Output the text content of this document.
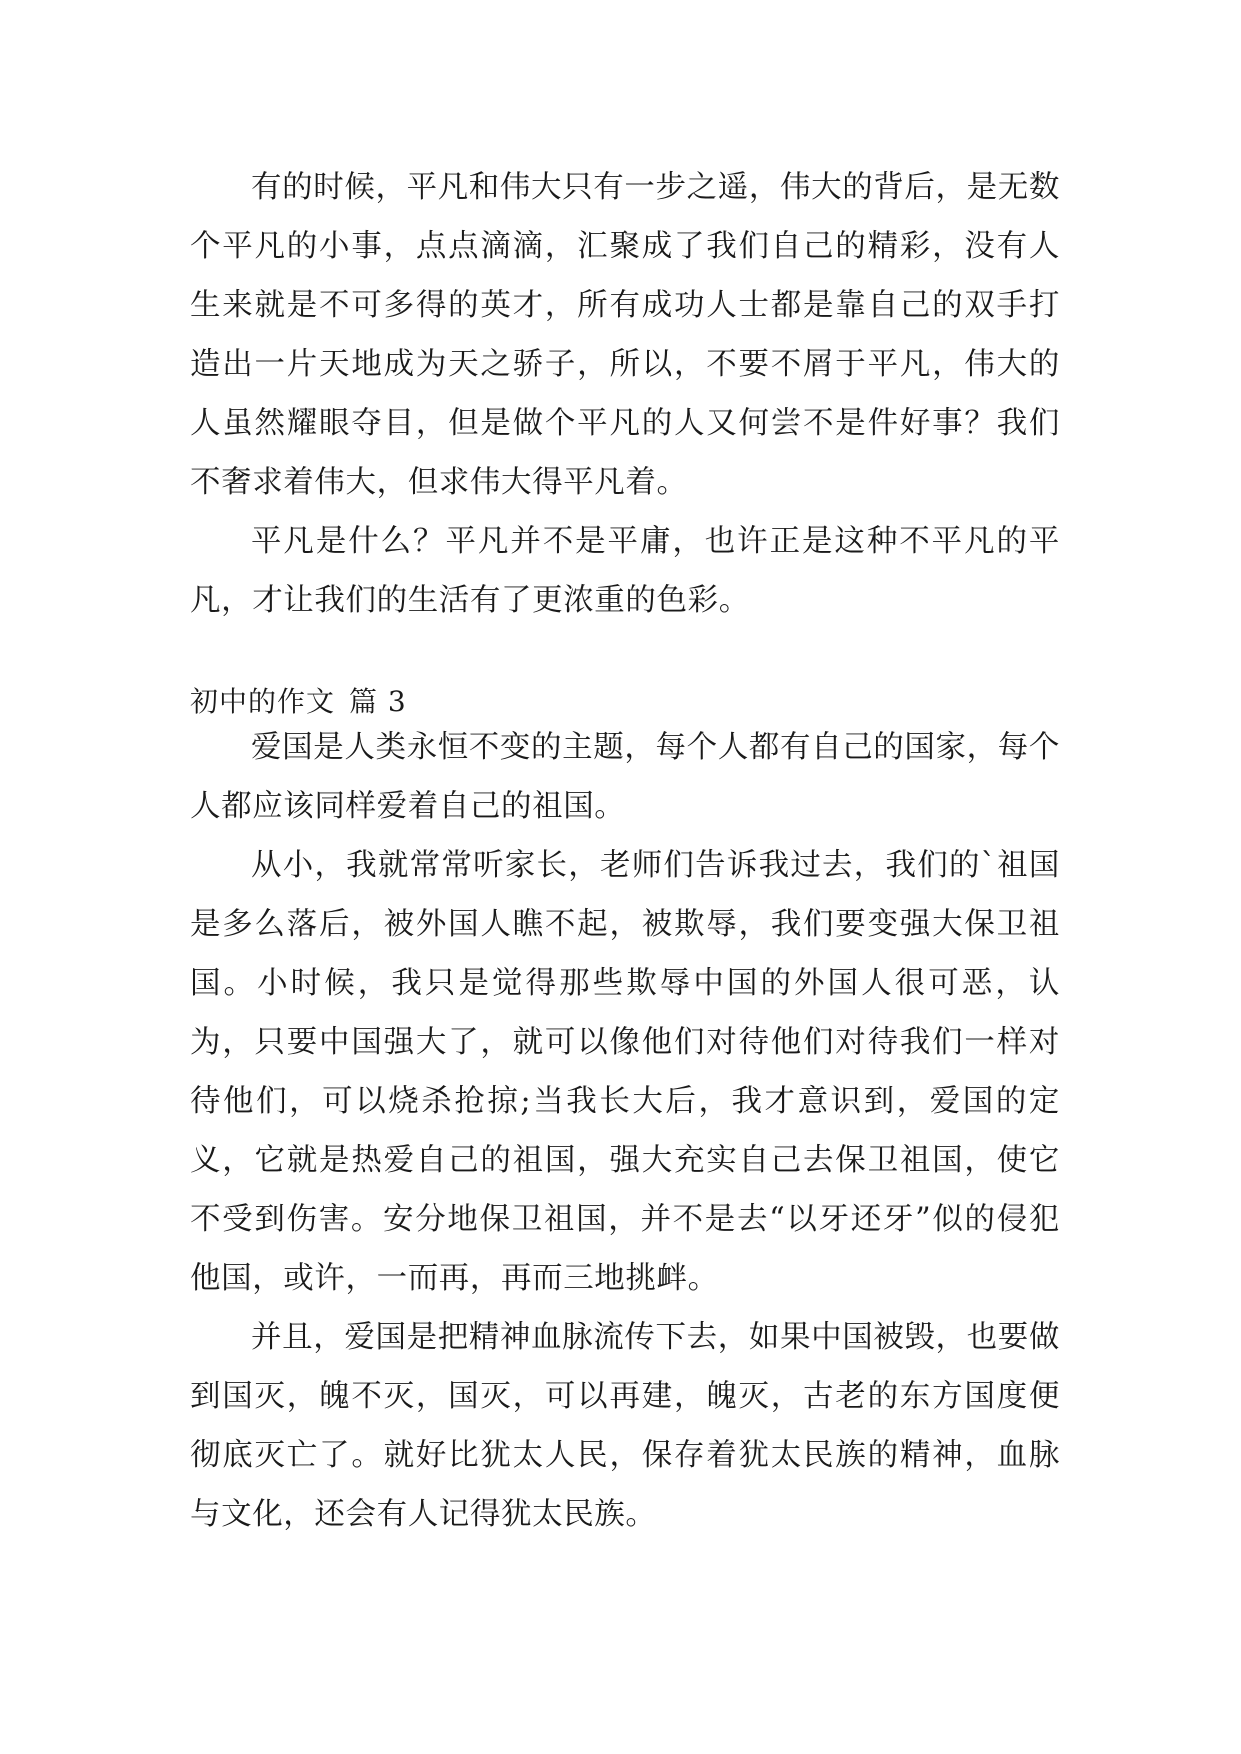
有的时候，平凡和伟大只有一步之遥，伟大的背后，是无数个平凡的小事，点点滴滴，汇聚成了我们自己的精彩，没有人生来就是不可多得的英才，所有成功人士都是靠自己的双手打造出一片天地成为天之骄子，所以，不要不屑于平凡，伟大的人虽然耀眼夺目，但是做个平凡的人又何尝不是件好事？我们不奢求着伟大，但求伟大得平凡着。

平凡是什么？平凡并不是平庸，也许正是这种不平凡的平凡，才让我们的生活有了更浓重的色彩。

初中的作文 篇 3

爱国是人类永恒不变的主题，每个人都有自己的国家，每个人都应该同样爱着自己的祖国。

从小，我就常常听家长，老师们告诉我过去，我们的`祖国是多么落后，被外国人瞧不起，被欺辱，我们要变强大保卫祖国。小时候，我只是觉得那些欺辱中国的外国人很可恶，认为，只要中国强大了，就可以像他们对待他们对待我们一样对待他们，可以烧杀抢掠;当我长大后，我才意识到，爱国的定义，它就是热爱自己的祖国，强大充实自己去保卫祖国，使它不受到伤害。安分地保卫祖国，并不是去“以牙还牙”似的侵犯他国，或许，一而再，再而三地挑衅。

并且，爱国是把精神血脉流传下去，如果中国被毁，也要做到国灭，魄不灭，国灭，可以再建，魄灭，古老的东方国度便彻底灭亡了。就好比犹太人民，保存着犹太民族的精神，血脉与文化，还会有人记得犹太民族。
